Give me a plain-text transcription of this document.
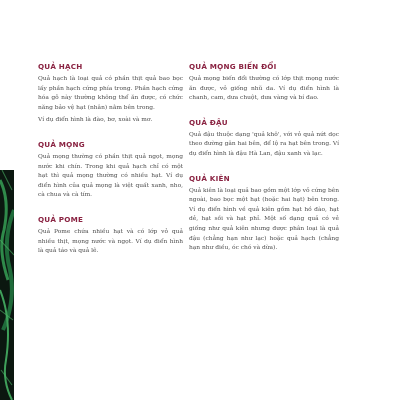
QUẢ HẠCH

Quả hạch là loại quả có phần thịt quả bao bọc lấy phần hạch cứng phía trong. Phần hạch cứng hóa gỗ này thường không thể ăn được, có chức năng bảo vệ hạt (nhân) nằm bên trong.

Ví dụ điển hình là đào, bơ, xoài và mơ.

QUẢ MỌNG

Quả mọng thường có phần thịt quả ngọt, mọng nước khi chín. Trong khi quả hạch chỉ có một hạt thì quả mọng thường có nhiều hạt. Ví dụ điển hình của quả mọng là việt quất xanh, nho, cà chua và cà tím.

QUẢ POME

Quả Pome chứa nhiều hạt và có lớp vỏ quả nhiều thịt, mọng nước và ngọt. Ví dụ điển hình là quả táo và quả lê.

QUẢ MỌNG BIẾN ĐỔI

Quả mọng biến đổi thường có lớp thịt mọng nước ăn được, vỏ giống nhũ da. Ví dụ điển hình là chanh, cam, dưa chuột, dưa vàng và bí đao.

QUẢ ĐẬU

Quả đậu thuộc dạng 'quả khô', với vỏ quả nứt dọc theo đường gân hai bên, để lộ ra hạt bên trong. Ví dụ điển hình là đậu Hà Lan, đậu xanh và lạc.

QUẢ KIÊN

Quả kiên là loại quả bao gồm một lớp vỏ cứng bên ngoài, bao bọc một hạt (hoặc hai hạt) bên trong. Ví dụ điển hình về quả kiên gồm hạt hồ đào, hạt dẻ, hạt sồi và hạt phỉ. Một số dạng quả có vẻ giống như quả kiên nhưng được phân loại là quả đậu (chẳng hạn như lạc) hoặc quả hạch (chẳng hạn như điều, óc chó và dừa).
